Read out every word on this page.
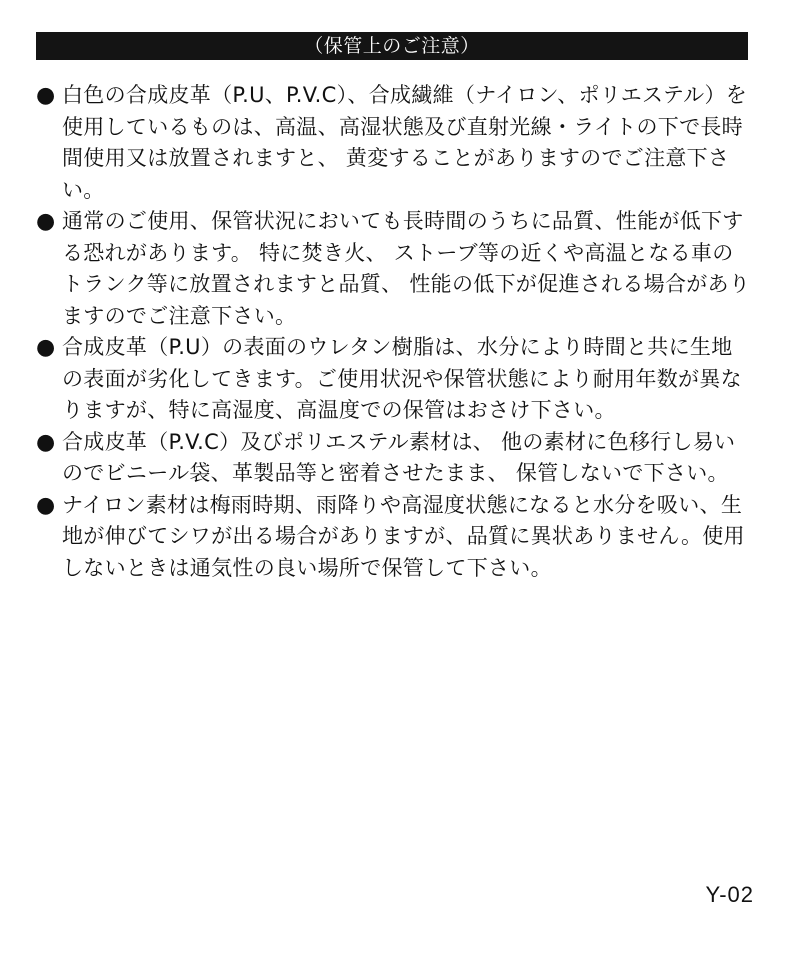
（保管上のご注意）
● 白色の合成皮革（P.U、P.V.C）、合成繊維（ナイロン、ポリエステル）を使用しているものは、高温、高湿状態及び直射光線・ライトの下で長時間使用又は放置されますと、 黄変することがありますのでご注意下さい。
● 通常のご使用、保管状況においても長時間のうちに品質、性能が低下する恐れがあります。 特に焚き火、 ストーブ等の近くや高温となる車のトランク等に放置されますと品質、 性能の低下が促進される場合がありますのでご注意下さい。
● 合成皮革（P.U）の表面のウレタン樹脂は、水分により時間と共に生地の表面が劣化してきます。ご使用状況や保管状態により耐用年数が異なりますが、特に高湿度、高温度での保管はおさけ下さい。
● 合成皮革（P.V.C）及びポリエステル素材は、 他の素材に色移行し易いのでビニール袋、革製品等と密着させたまま、 保管しないで下さい。
● ナイロン素材は梅雨時期、雨降りや高湿度状態になると水分を吸い、生地が伸びてシワが出る場合がありますが、品質に異状ありません。使用しないときは通気性の良い場所で保管して下さい。
Y-02
